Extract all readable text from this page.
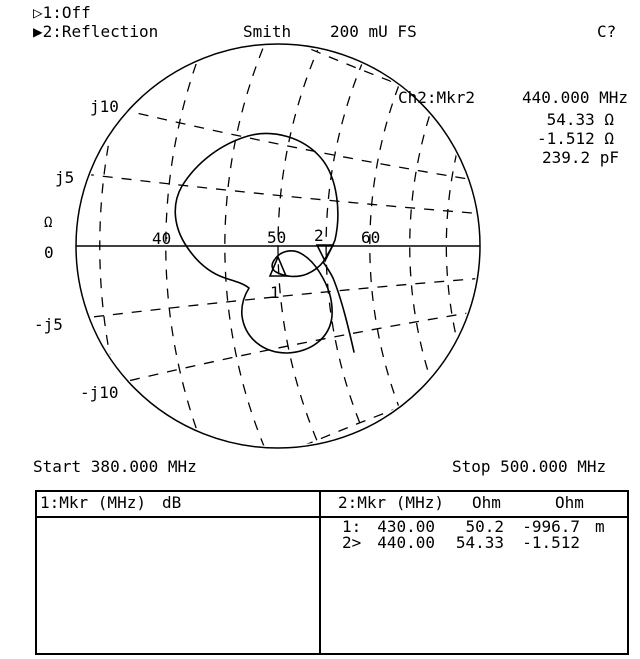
▷1:Off
▶2:Reflection	Smith 200 mU FS	C?
40	50	60
j10
j5
-j5
-j10
Ω
0
2
1
Ch2:Mkr2	440.000 MHz
54.33 Ω
-1.512 Ω
239.2 pF
Start 380.000 MHz	Stop 500.000 MHz
1:Mkr (MHz) dB	2:Mkr (MHz) Ohm	Ohm
1: 430.00	50.2	-996.7 m
2> 440.00	54.33	-1.512
